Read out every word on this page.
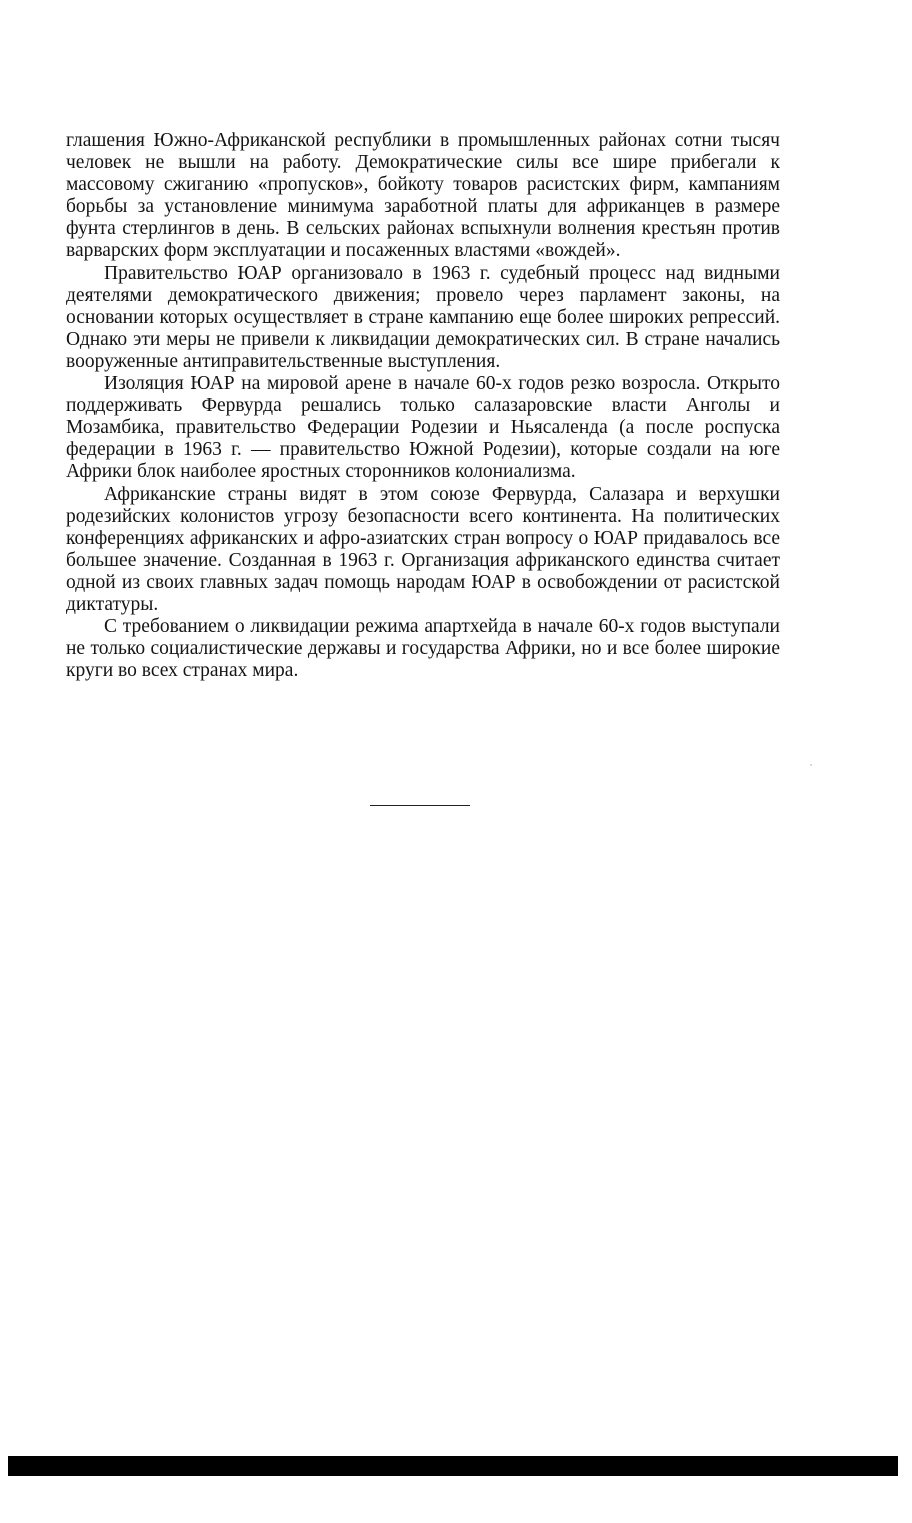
глашения Южно-Африканской республики в промышленных районах сотни тысяч человек не вышли на работу. Демократические силы все шире прибегали к массовому сжиганию «пропусков», бойкоту товаров расистских фирм, кампаниям борьбы за установление минимума заработной платы для африканцев в размере фунта стерлингов в день. В сельских районах вспыхнули волнения крестьян против варварских форм эксплуатации и посаженных властями «вождей».

Правительство ЮАР организовало в 1963 г. судебный процесс над видными деятелями демократического движения; провело через парламент законы, на основании которых осуществляет в стране кампанию еще более широких репрессий. Однако эти меры не привели к ликвидации демократических сил. В стране начались вооруженные антиправительственные выступления.

Изоляция ЮАР на мировой арене в начале 60-х годов резко возросла. Открыто поддерживать Фервурда решались только салазаровские власти Анголы и Мозамбика, правительство Федерации Родезии и Ньясаленда (а после роспуска федерации в 1963 г. — правительство Южной Родезии), которые создали на юге Африки блок наиболее яростных сторонников колониализма.

Африканские страны видят в этом союзе Фервурда, Салазара и верхушки родезийских колонистов угрозу безопасности всего континента. На политических конференциях африканских и афро-азиатских стран вопросу о ЮАР придавалось все большее значение. Созданная в 1963 г. Организация африканского единства считает одной из своих главных задач помощь народам ЮАР в освобождении от расистской диктатуры.

С требованием о ликвидации режима апартхейда в начале 60-х годов выступали не только социалистические державы и государства Африки, но и все более широкие круги во всех странах мира.
